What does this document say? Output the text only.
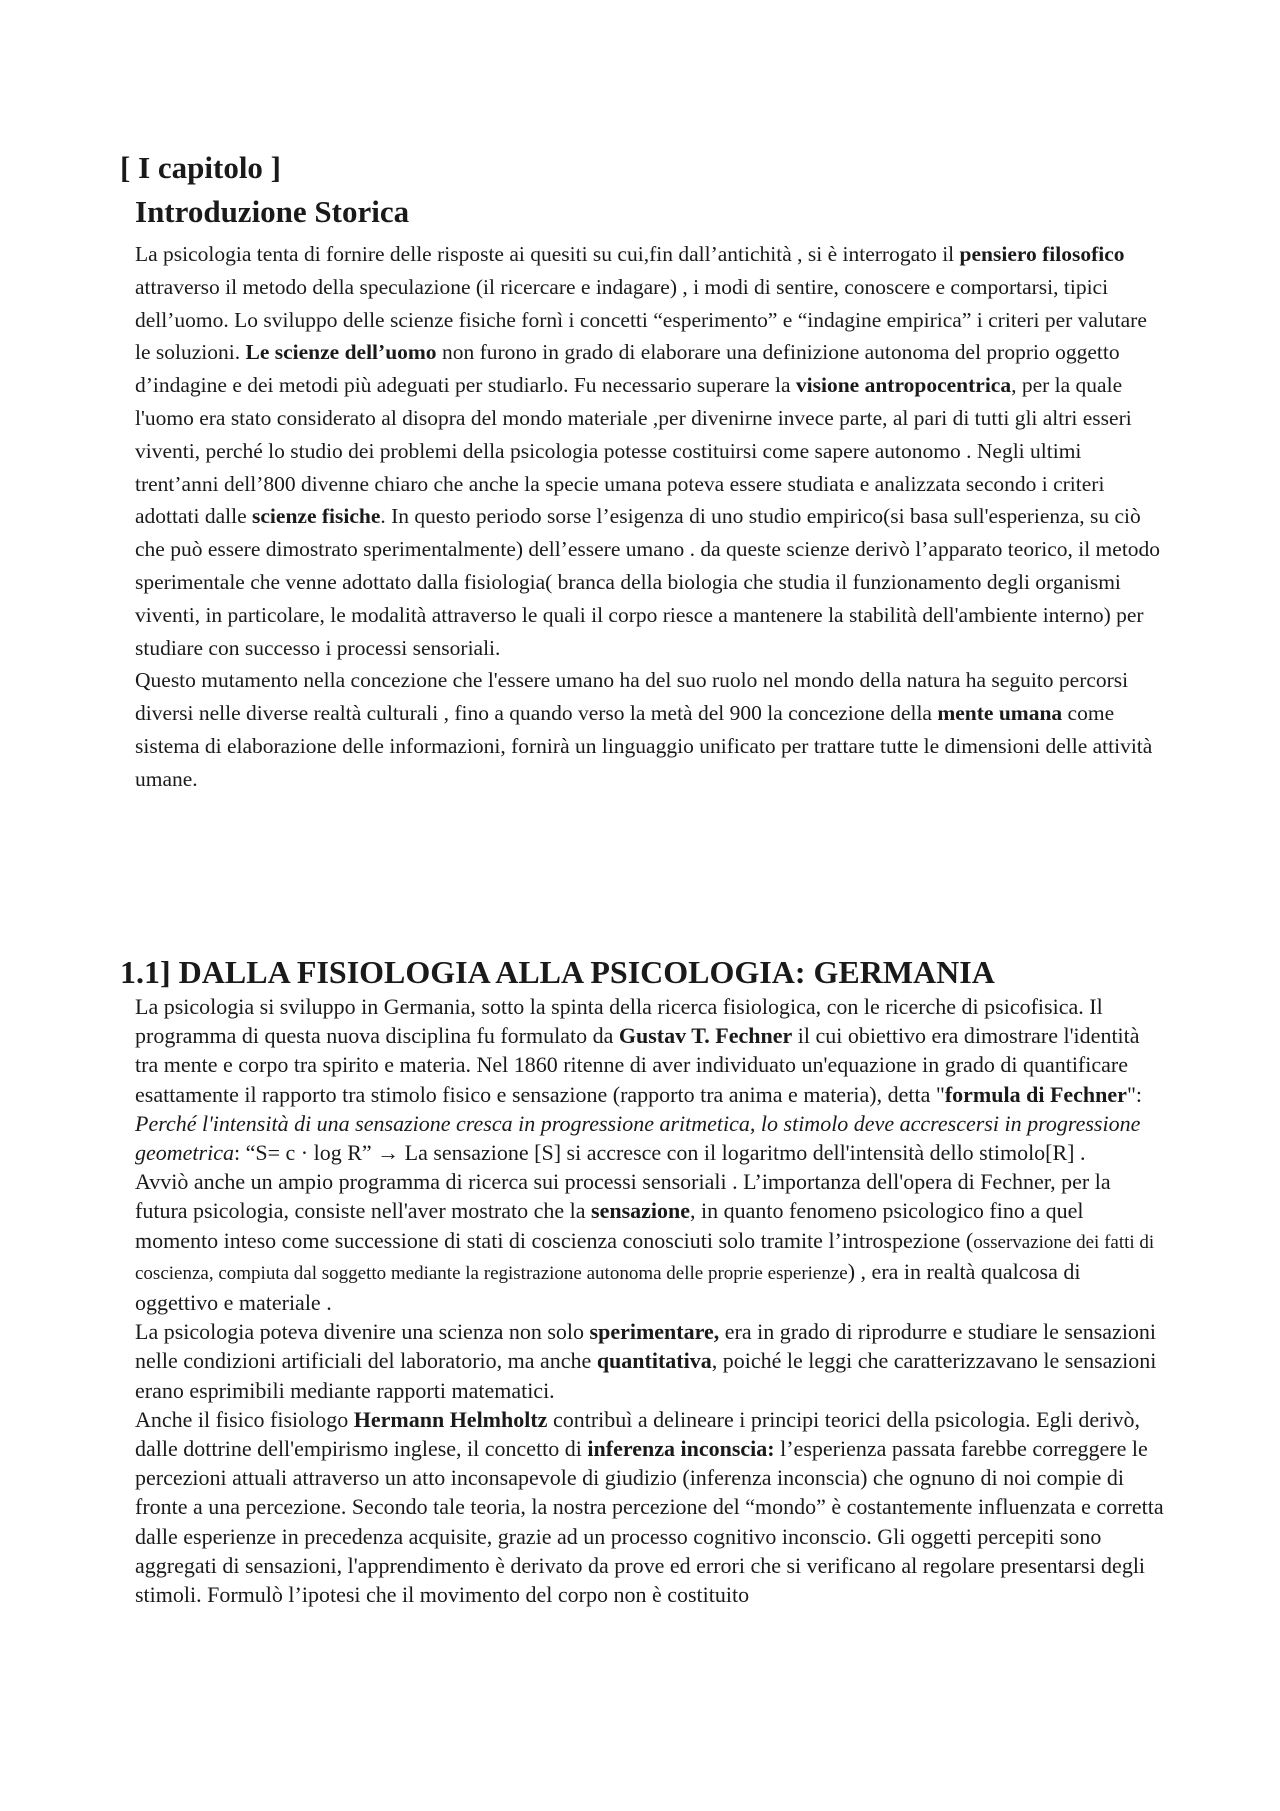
[ I capitolo ]
Introduzione Storica

La psicologia tenta di fornire delle risposte ai quesiti su cui,fin dall’antichità , si è interrogato il pensiero filosofico attraverso il metodo della speculazione (il ricercare e indagare) , i modi di sentire, conoscere e comportarsi, tipici dell’uomo. Lo sviluppo delle scienze fisiche fornì i concetti “esperimento” e “indagine empirica” i criteri per valutare le soluzioni. Le scienze dell’uomo non furono in grado di elaborare una definizione autonoma del proprio oggetto d’indagine e dei metodi più adeguati per studiarlo. Fu necessario superare la visione antropocentrica, per la quale l'uomo era stato considerato al disopra del mondo materiale ,per divenirne invece parte, al pari di tutti gli altri esseri viventi, perché lo studio dei problemi della psicologia potesse costituirsi come sapere autonomo . Negli ultimi trent’anni dell’800 divenne chiaro che anche la specie umana poteva essere studiata e analizzata secondo i criteri adottati dalle scienze fisiche. In questo periodo sorse l’esigenza di uno studio empirico(si basa sull'esperienza, su ciò che può essere dimostrato sperimentalmente) dell’essere umano . da queste scienze derivò l’apparato teorico, il metodo sperimentale che venne adottato dalla fisiologia( branca della biologia che studia il funzionamento degli organismi viventi, in particolare, le modalità attraverso le quali il corpo riesce a mantenere la stabilità dell'ambiente interno) per studiare con successo i processi sensoriali.

Questo mutamento nella concezione che l'essere umano ha del suo ruolo nel mondo della natura ha seguito percorsi diversi nelle diverse realtà culturali , fino a quando verso la metà del 900 la concezione della mente umana come sistema di elaborazione delle informazioni, fornirà un linguaggio unificato per trattare tutte le dimensioni delle attività umane.

1.1] DALLA FISIOLOGIA ALLA PSICOLOGIA: GERMANIA

La psicologia si sviluppo in Germania, sotto la spinta della ricerca fisiologica, con le ricerche di psicofisica. Il programma di questa nuova disciplina fu formulato da Gustav T. Fechner il cui obiettivo era dimostrare l'identità tra mente e corpo tra spirito e materia. Nel 1860 ritenne di aver individuato un'equazione in grado di quantificare esattamente il rapporto tra stimolo fisico e sensazione (rapporto tra anima e materia), detta "formula di Fechner":

Perché l'intensità di una sensazione cresca in progressione aritmetica, lo stimolo deve accrescersi in progressione geometrica: “S= c · log R” → La sensazione [S] si accresce con il logaritmo dell'intensità dello stimolo[R] .

Avviò anche un ampio programma di ricerca sui processi sensoriali . L’importanza dell'opera di Fechner, per la futura psicologia, consiste nell'aver mostrato che la sensazione, in quanto fenomeno psicologico fino a quel momento inteso come successione di stati di coscienza conosciuti solo tramite l’introspezione (osservazione dei fatti di coscienza, compiuta dal soggetto mediante la registrazione autonoma delle proprie esperienze) , era in realtà qualcosa di oggettivo e materiale .

La psicologia poteva divenire una scienza non solo sperimentare, era in grado di riprodurre e studiare le sensazioni nelle condizioni artificiali del laboratorio, ma anche quantitativa, poiché le leggi che caratterizzavano le sensazioni erano esprimibili mediante rapporti matematici.

Anche il fisico fisiologo Hermann Helmholtz contribuì a delineare i principi teorici della psicologia. Egli derivò, dalle dottrine dell'empirismo inglese, il concetto di inferenza inconscia: l’esperienza passata farebbe correggere le percezioni attuali attraverso un atto inconsapevole di giudizio (inferenza inconscia) che ognuno di noi compie di fronte a una percezione. Secondo tale teoria, la nostra percezione del “mondo” è costantemente influenzata e corretta dalle esperienze in precedenza acquisite, grazie ad un processo cognitivo inconscio. Gli oggetti percepiti sono aggregati di sensazioni, l'apprendimento è derivato da prove ed errori che si verificano al regolare presentarsi degli stimoli. Formulò l’ipotesi che il movimento del corpo non è costituito
